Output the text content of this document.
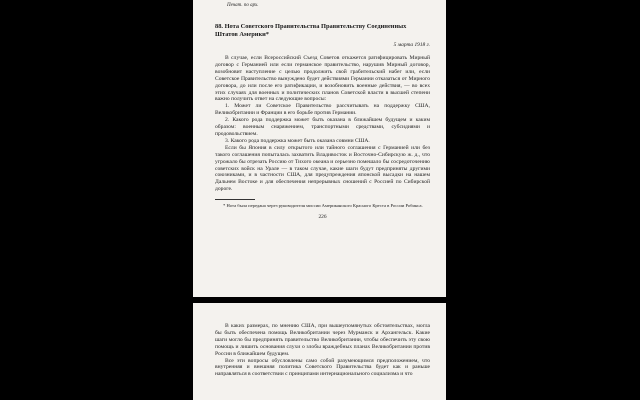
Печат. по арх.
88. Нота Советского Правительства Правительству Соединенных Штатов Америки*
5 марта 1918 г.

В случае, если Всероссийский Съезд Советов откажется ратифицировать Мирный договор с Германией или если германское правительство, нарушив Мирный договор, возобновит наступление с целью продолжить свой грабительский набег или, если Советское Правительство вынуждено будет действиями Германии отказаться от Мирного договора, до или после его ратификации, и возобновить военные действия, — во всех этих случаях для военных и политических планов Советской власти в высшей степени важно получить ответ на следующие вопросы:

1. Может ли Советское Правительство рассчитывать на поддержку США, Великобритании и Франции в его борьбе против Германии.

2. Какого рода поддержка может быть оказана в ближайшем будущем и каким образом: военным снаряжением, транспортными средствами, субсидиями и продовольствием.

3. Какого рода поддержка может быть оказана совмни США.

Если бы Япония в силу открытого или тайного соглашения с Германией или без такого соглашения попыталась захватить Владивосток и Восточно-Сибирскую ж. д., что угрожало бы отрезать Россию от Тихого океана и серьезно помешало бы сосредоточению советских войск на Урале — в таком случае, какие шаги будут предприняты другими союзниками, и в частности США, для предупреждения японской высадки на нашем Дальнем Востоке и для обеспечения непрерывных сношений с Россией по Сибирской дороге.

* Нота была передана через руководителя миссии Американского Красного Креста в России Робинса.

226

В каких размерах, по мнению США, при вышеупомянутых обстоятельствах, могла бы быть обеспечена помощь Великобритании через Мурманск и Архангельск. Какие шаги могло бы предпринять правительство Великобритании, чтобы обеспечить эту свою помощь и лишить основания слухи о злобы враждебных планах Великобритании против России в ближайшем будущем.

Все эти вопросы обусловлены само собой разумеющимся предположением, что внутренняя и внешняя политика Советского Правительства будет как и раньше направляться в соответствии с принципами интернационального социализма и что
